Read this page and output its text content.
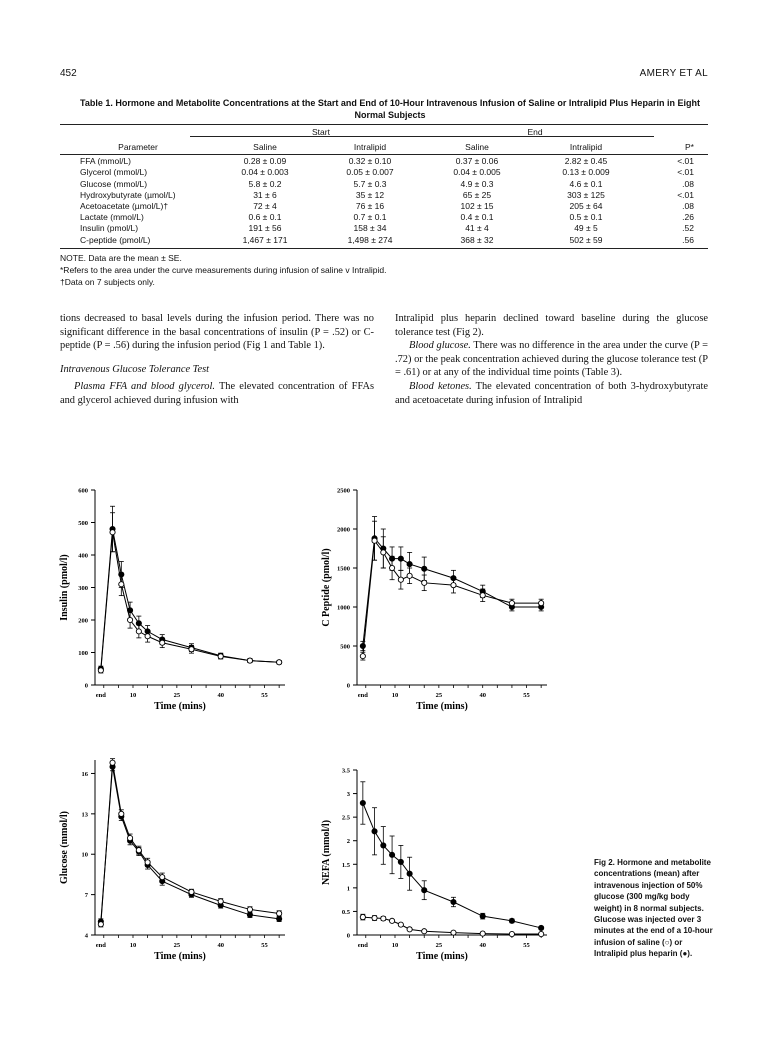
452	AMERY ET AL
Table 1. Hormone and Metabolite Concentrations at the Start and End of 10-Hour Intravenous Infusion of Saline or Intralipid Plus Heparin in Eight Normal Subjects
	Start		End		
Parameter	Saline	Intralipid	Saline	Intralipid	P*
FFA (mmol/L)	0.28 ± 0.09	0.32 ± 0.10	0.37 ± 0.06	2.82 ± 0.45	<.01
Glycerol (mmol/L)	0.04 ± 0.003	0.05 ± 0.007	0.04 ± 0.005	0.13 ± 0.009	<.01
Glucose (mmol/L)	5.8 ± 0.2	5.7 ± 0.3	4.9 ± 0.3	4.6 ± 0.1	.08
Hydroxybutyrate (µmol/L)	31 ± 6	35 ± 12	65 ± 25	303 ± 125	<.01
Acetoacetate (µmol/L)†	72 ± 4	76 ± 16	102 ± 15	205 ± 64	.08
Lactate (mmol/L)	0.6 ± 0.1	0.7 ± 0.1	0.4 ± 0.1	0.5 ± 0.1	.26
Insulin (pmol/L)	191 ± 56	158 ± 34	41 ± 4	49 ± 5	.52
C-peptide (pmol/L)	1,467 ± 171	1,498 ± 274	368 ± 32	502 ± 59	.56
NOTE. Data are the mean ± SE.
*Refers to the area under the curve measurements during infusion of saline v Intralipid.
†Data on 7 subjects only.

tions decreased to basal levels during the infusion period. There was no significant difference in the basal concentrations of insulin (P = .52) or C-peptide (P = .56) during the infusion period (Fig 1 and Table 1).

Intravenous Glucose Tolerance Test

Plasma FFA and blood glycerol. The elevated concentration of FFAs and glycerol achieved during infusion with

Intralipid plus heparin declined toward baseline during the glucose tolerance test (Fig 2).

Blood glucose. There was no difference in the area under the curve (P = .72) or the peak concentration achieved during the glucose tolerance test (P = .61) or at any of the individual time points (Table 3).

Blood ketones. The elevated concentration of both 3-hydroxybutyrate and acetoacetate during infusion of Intralipid

0
100
200
300
400
500
600
end	10	25	40	55
Time (mins)
Insulin (pmol/l)
0
500
1000
1500
2000
2500
end	10	25	40	55
Time (mins)
C Peptide (pmol/l)
4
7
10
13
16
end	10	25	40	55
Time (mins)
Glucose (mmol/l)
0
0.5
1
1.5
2
2.5
3
3.5
end	10	25	40	55
Time (mins)
NEFA (mmol/l)	Fig 2. Hormone and metabolite concentrations (mean) after intravenous injection of 50% glucose (300 mg/kg body weight) in 8 normal subjects. Glucose was injected over 3 minutes at the end of a 10-hour infusion of saline (○) or Intralipid plus heparin (●).
